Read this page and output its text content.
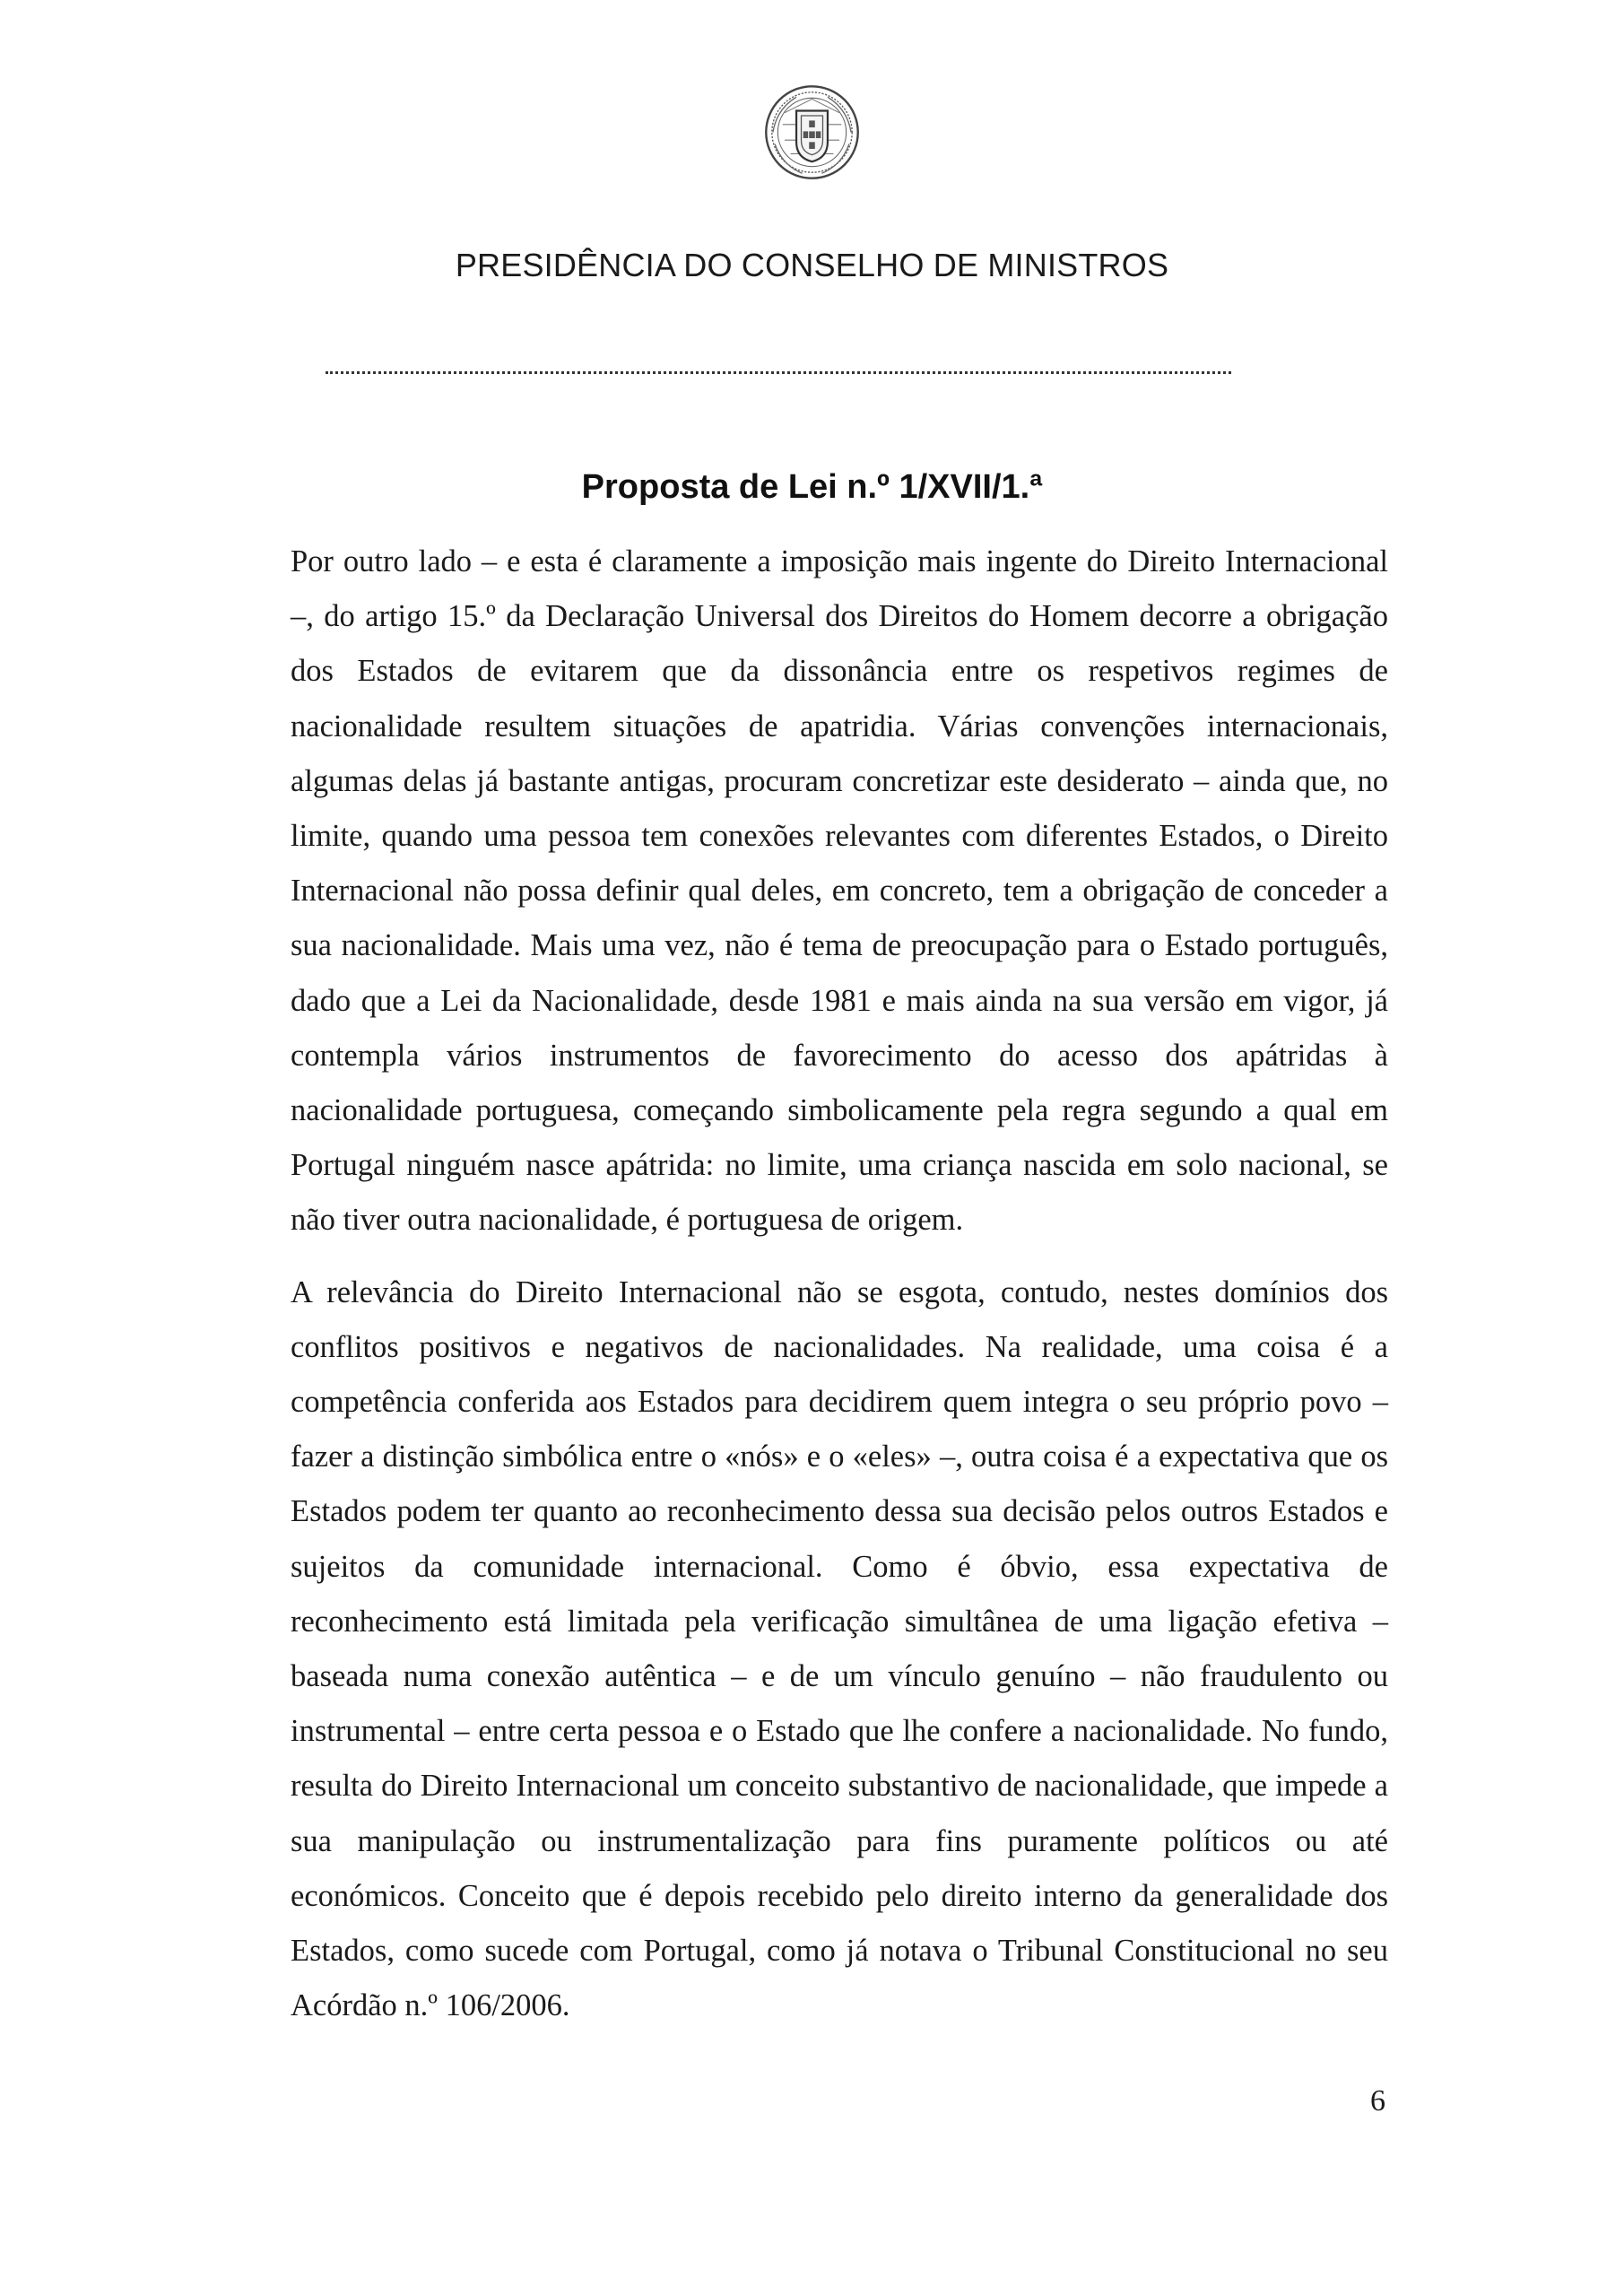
PRESIDÊNCIA DO CONSELHO DE MINISTROS
Proposta de Lei n.º 1/XVII/1.ª

Por outro lado – e esta é claramente a imposição mais ingente do Direito Internacional –, do artigo 15.º da Declaração Universal dos Direitos do Homem decorre a obrigação dos Estados de evitarem que da dissonância entre os respetivos regimes de nacionalidade resultem situações de apatridia. Várias convenções internacionais, algumas delas já bastante antigas, procuram concretizar este desiderato – ainda que, no limite, quando uma pessoa tem conexões relevantes com diferentes Estados, o Direito Internacional não possa definir qual deles, em concreto, tem a obrigação de conceder a sua nacionalidade. Mais uma vez, não é tema de preocupação para o Estado português, dado que a Lei da Nacionalidade, desde 1981 e mais ainda na sua versão em vigor, já contempla vários instrumentos de favorecimento do acesso dos apátridas à nacionalidade portuguesa, começando simbolicamente pela regra segundo a qual em Portugal ninguém nasce apátrida: no limite, uma criança nascida em solo nacional, se não tiver outra nacionalidade, é portuguesa de origem.

A relevância do Direito Internacional não se esgota, contudo, nestes domínios dos conflitos positivos e negativos de nacionalidades. Na realidade, uma coisa é a competência conferida aos Estados para decidirem quem integra o seu próprio povo – fazer a distinção simbólica entre o «nós» e o «eles» –, outra coisa é a expectativa que os Estados podem ter quanto ao reconhecimento dessa sua decisão pelos outros Estados e sujeitos da comunidade internacional. Como é óbvio, essa expectativa de reconhecimento está limitada pela verificação simultânea de uma ligação efetiva – baseada numa conexão autêntica – e de um vínculo genuíno – não fraudulento ou instrumental – entre certa pessoa e o Estado que lhe confere a nacionalidade. No fundo, resulta do Direito Internacional um conceito substantivo de nacionalidade, que impede a sua manipulação ou instrumentalização para fins puramente políticos ou até económicos. Conceito que é depois recebido pelo direito interno da generalidade dos Estados, como sucede com Portugal, como já notava o Tribunal Constitucional no seu Acórdão n.º 106/2006.

6
